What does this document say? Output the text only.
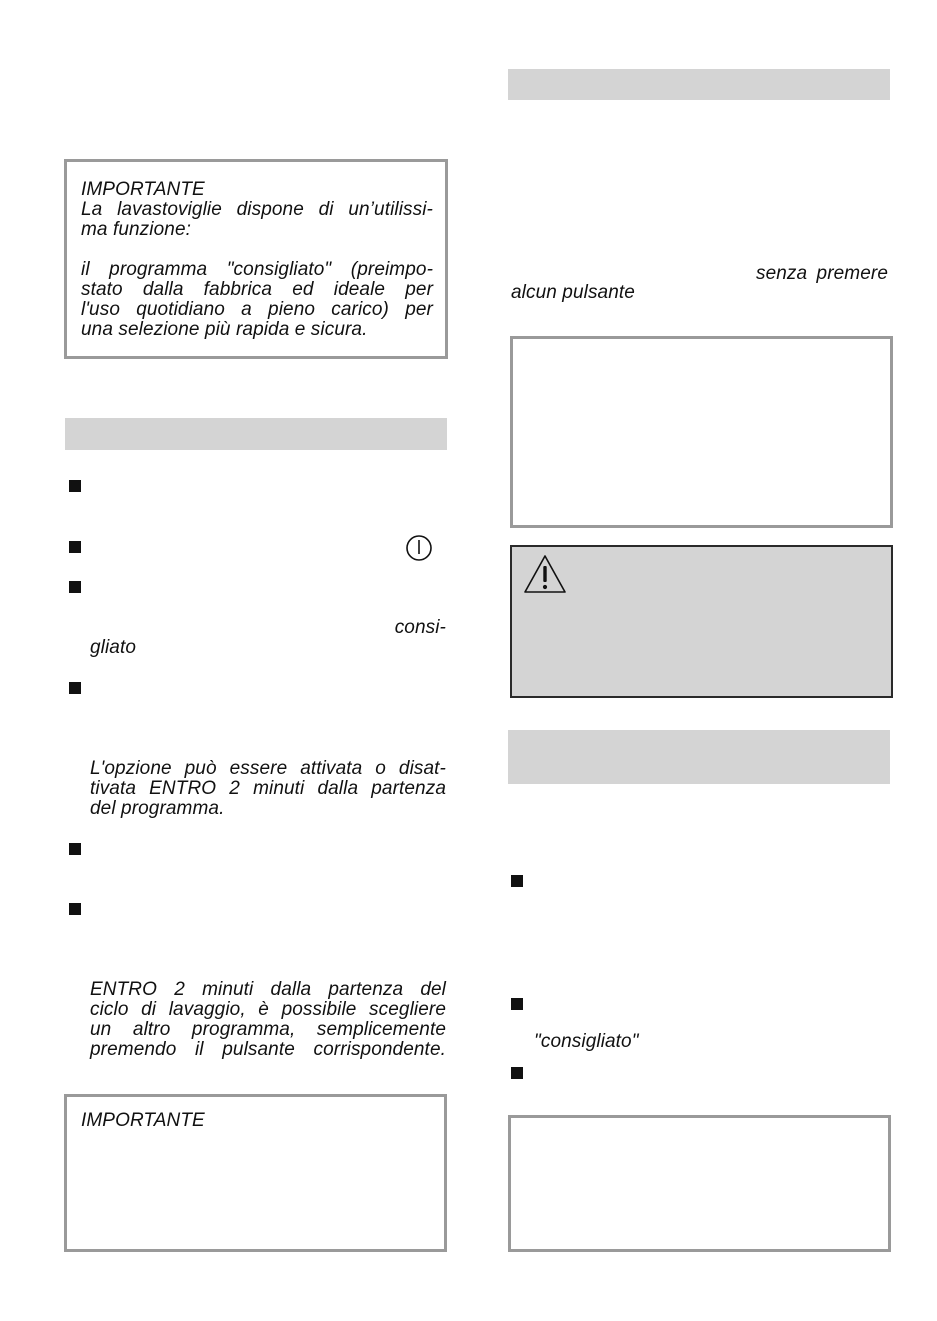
IMPORTANTE
La lavastoviglie dispone di un’utilissi-
ma funzione:
il programma "consigliato" (preimpo-
stato dalla fabbrica ed ideale per
l'uso quotidiano a pieno carico) per
una selezione più rapida e sicura.
consi-
gliato
L'opzione può essere attivata o disat-
tivata ENTRO 2 minuti dalla partenza
del programma.
ENTRO 2 minuti dalla partenza del
ciclo di lavaggio, è possibile scegliere
un altro programma, semplicemente
premendo il pulsante corrispondente.
IMPORTANTE
senza premere
alcun pulsante
"consigliato"
